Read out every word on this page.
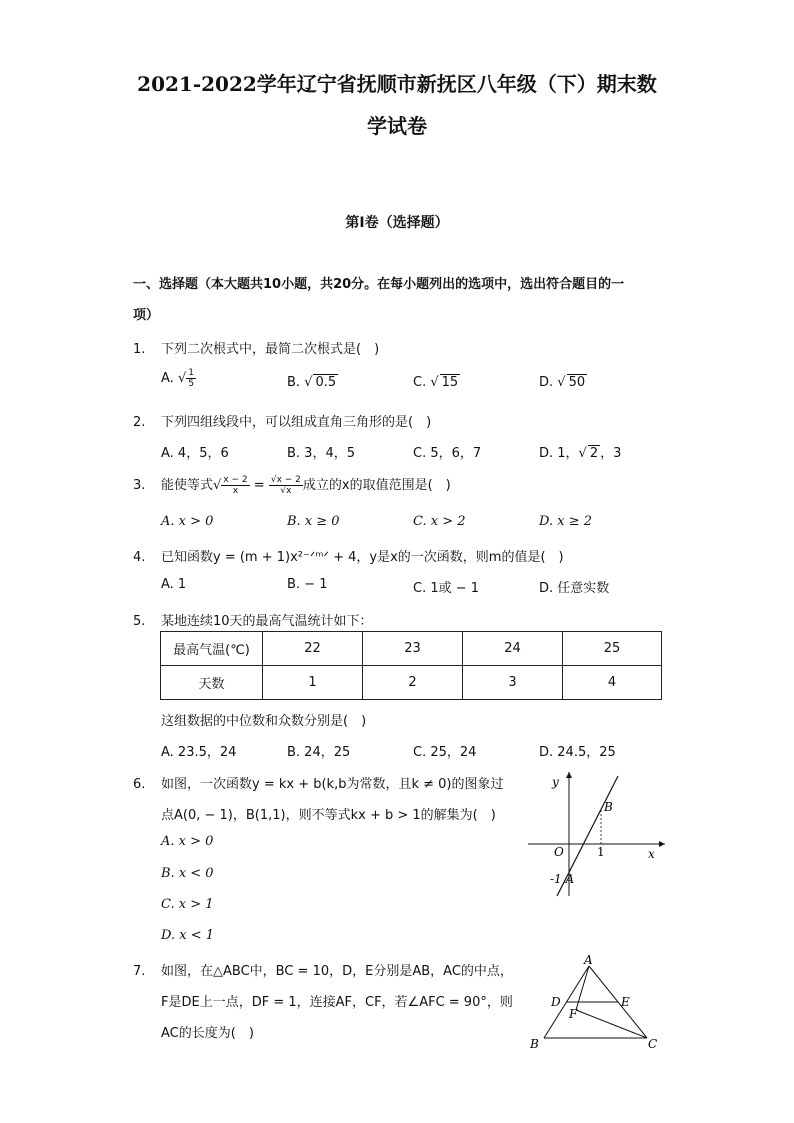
2021-2022学年辽宁省抚顺市新抚区八年级（下）期末数
学试卷
第Ⅰ卷（选择题）
一、选择题（本大题共10小题，共20分。在每小题列出的选项中，选出符合题目的一
项）
1. 下列二次根式中，最简二次根式是(　)
A. √ $\frac{1}{5}$	B. √ 0.5	C. √ 15	D. √ 50
2. 下列四组线段中，可以组成直角三角形的是(　)
A. 4，5，6	B. 3，4，5	C. 5，6，7	D. 1，√ 2 ，3
3. 能使等式√ $\frac{x - 2}{x} = \frac{√x - 2}{√x}$ 成立的x的取值范围是(　)
A. x > 0	B. x ≥ 0	C. x > 2	D. x ≥ 2
4. 已知函数y = (m + 1)x²⁻ᐟᵐᐟ + 4，y是x的一次函数，则m的值是(　)
A. 1	B. − 1	C. 1或 − 1	D. 任意实数
5. 某地连续10天的最高气温统计如下：
最高气温(℃)	22	23	24	25
天数	1	2	3	4
这组数据的中位数和众数分别是(　)
A. 23.5，24	B. 24，25	C. 25，24	D. 24.5，25
6. 如图，一次函数y = kx + b(k,b为常数，且k ≠ 0)的图象过
点A(0, − 1)，B(1,1)，则不等式kx + b > 1的解集为(　)
A. x > 0
B. x < 0
C. x > 1
D. x < 1
y
x
O	1
-1 A
B
7. 如图，在△ABC中，BC = 10，D，E分别是AB，AC的中点，
F是DE上一点，DF = 1，连接AF，CF，若∠AFC = 90°，则
AC的长度为(　)
A
B	C
D	E
F
